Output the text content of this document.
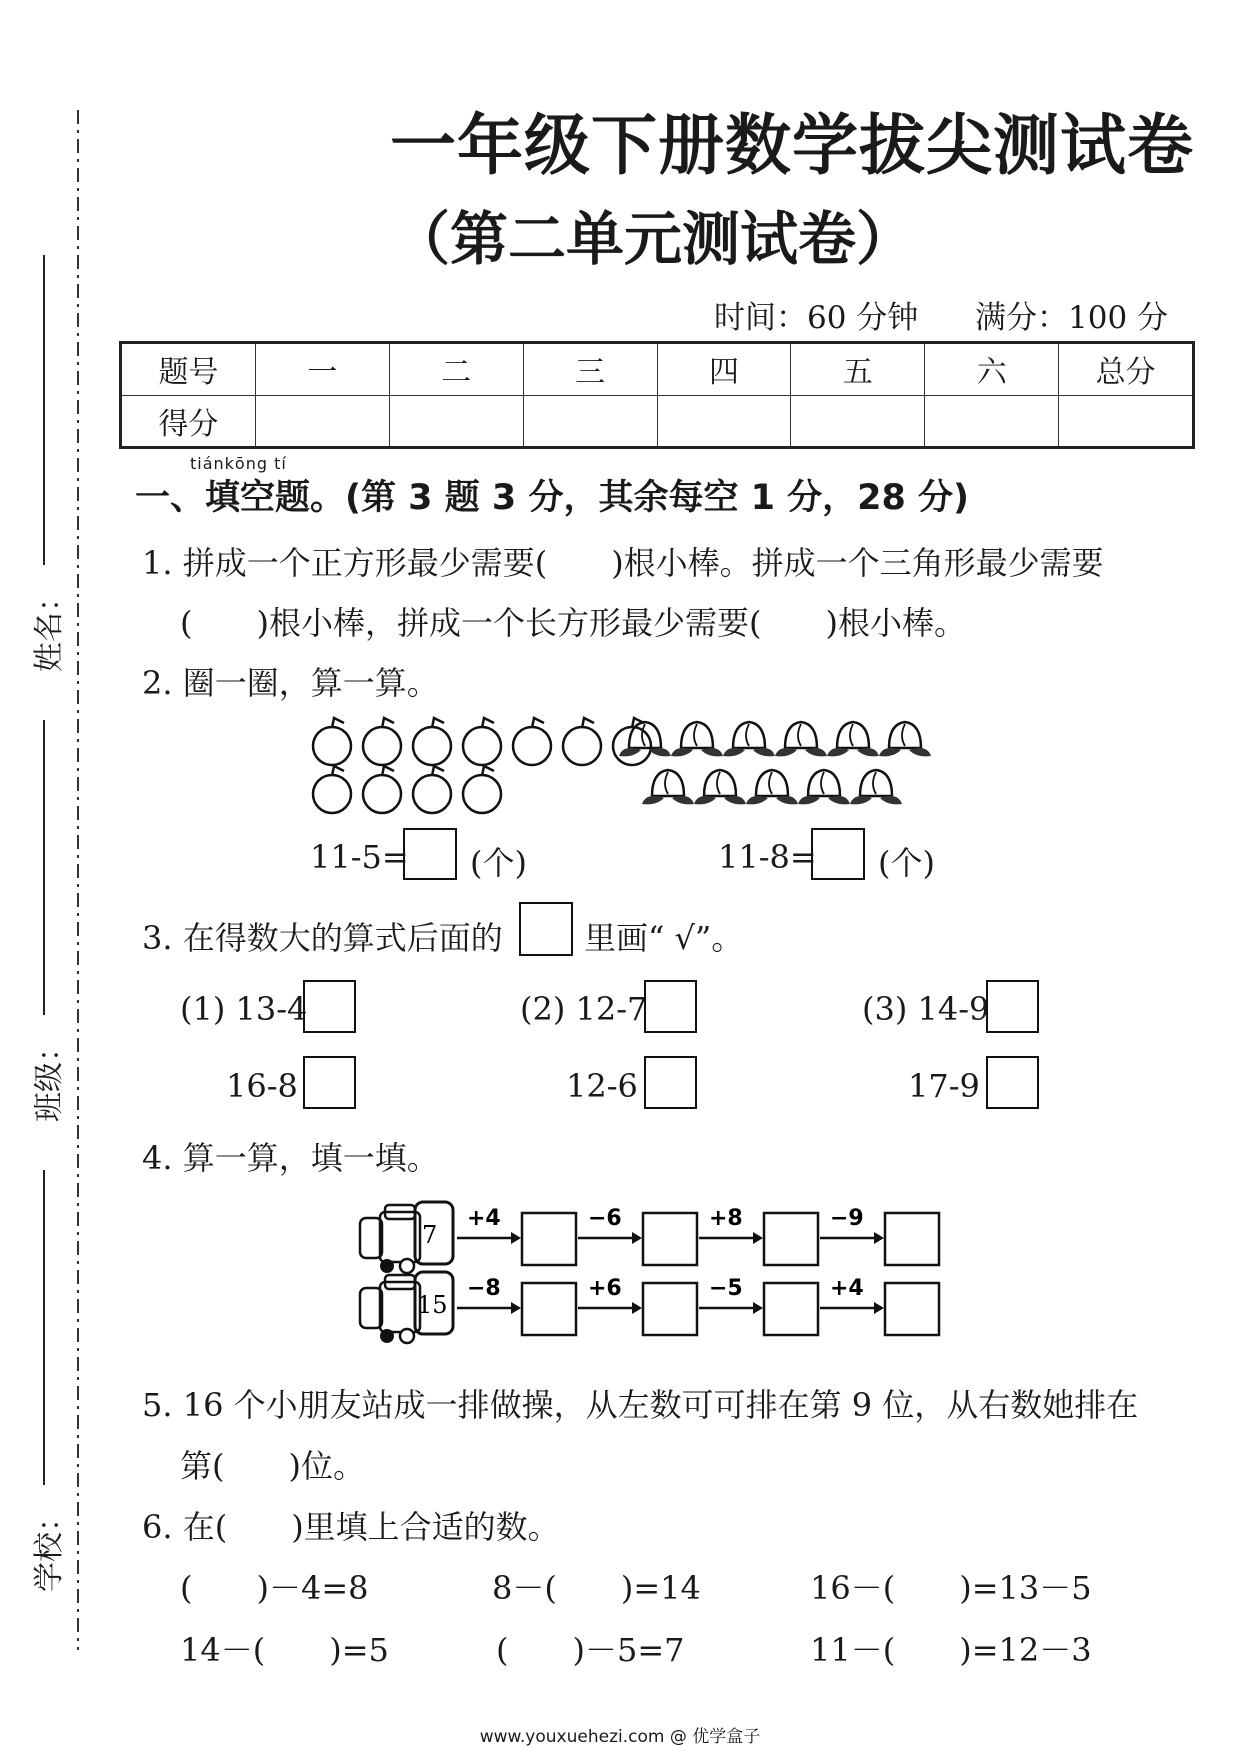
姓名：
班级：
学校：
一年级下册数学拔尖测试卷
（第二单元测试卷）
时间：60 分钟 满分：100 分
题号	一	二	三	四	五	六	总分
得分							
tiánkōng tí
一、填空题。(第 3 题 3 分，其余每空 1 分，28 分)
1. 拼成一个正方形最少需要(　　)根小棒。拼成一个三角形最少需要
(　　)根小棒，拼成一个长方形最少需要(　　)根小棒。
2. 圈一圈，算一算。
11-5= (个)	11-8= (个)
3. 在得数大的算式后面的	里画“ √”。
(1) 13-4	(2) 12-7	(3) 14-9
16-8	12-6	17-9
4. 算一算，填一填。
7
15
+4	−6	+8	−9
−8	+6	−5	+4
5. 16 个小朋友站成一排做操，从左数可可排在第 9 位，从右数她排在
第(　　)位。
6. 在(　　)里填上合适的数。
(　　)－4=8	8－(　　)=14	16－(　　)=13－5
14－(　　)=5	(　　)－5=7	11－(　　)=12－3
www.youxuehezi.com @ 优学盒子
